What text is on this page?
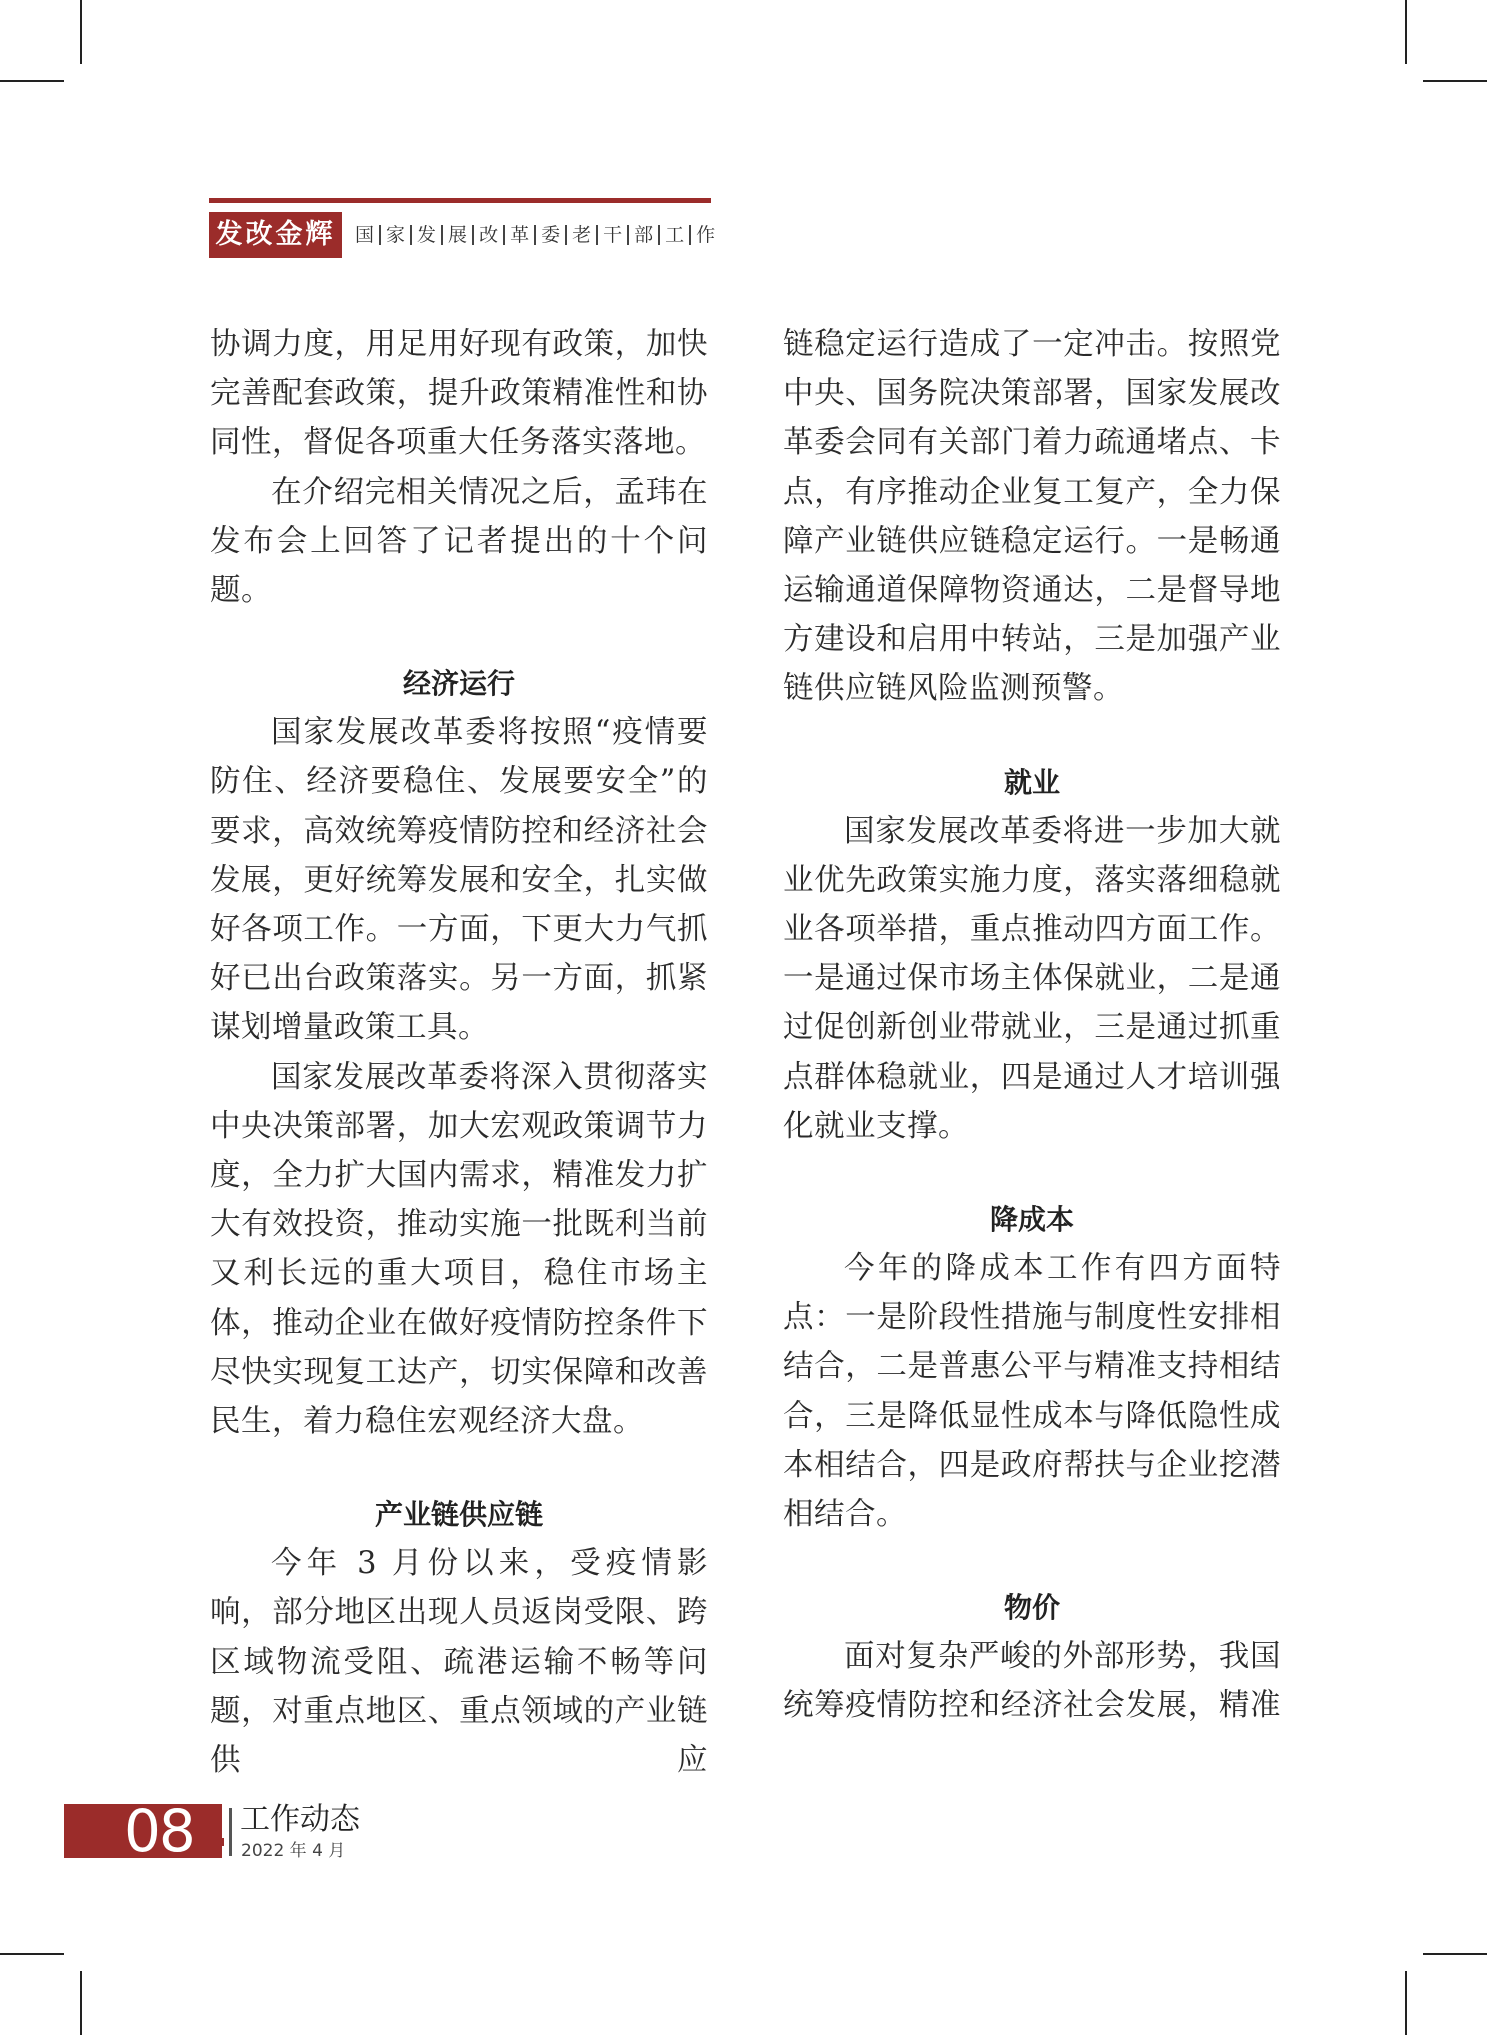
发改金辉	国 家 发 展 改 革 委 老 干 部 工 作

协调力度，用足用好现有政策，加快完善配套政策，提升政策精准性和协同性，督促各项重大任务落实落地。

在介绍完相关情况之后，孟玮在发布会上回答了记者提出的十个问题。

经济运行

国家发展改革委将按照“疫情要防住、经济要稳住、发展要安全”的要求，高效统筹疫情防控和经济社会发展，更好统筹发展和安全，扎实做好各项工作。一方面，下更大力气抓好已出台政策落实。另一方面，抓紧谋划增量政策工具。

国家发展改革委将深入贯彻落实中央决策部署，加大宏观政策调节力度，全力扩大国内需求，精准发力扩大有效投资，推动实施一批既利当前又利长远的重大项目，稳住市场主体，推动企业在做好疫情防控条件下尽快实现复工达产，切实保障和改善民生，着力稳住宏观经济大盘。

产业链供应链

今年 3 月份以来，受疫情影响，部分地区出现人员返岗受限、跨区域物流受阻、疏港运输不畅等问题，对重点地区、重点领域的产业链供应

链稳定运行造成了一定冲击。按照党中央、国务院决策部署，国家发展改革委会同有关部门着力疏通堵点、卡点，有序推动企业复工复产，全力保障产业链供应链稳定运行。一是畅通运输通道保障物资通达，二是督导地方建设和启用中转站，三是加强产业链供应链风险监测预警。

就业

国家发展改革委将进一步加大就业优先政策实施力度，落实落细稳就业各项举措，重点推动四方面工作。一是通过保市场主体保就业，二是通过促创新创业带就业，三是通过抓重点群体稳就业，四是通过人才培训强化就业支撑。

降成本

今年的降成本工作有四方面特点：一是阶段性措施与制度性安排相结合，二是普惠公平与精准支持相结合，三是降低显性成本与降低隐性成本相结合，四是政府帮扶与企业挖潜相结合。

物价

面对复杂严峻的外部形势，我国统筹疫情防控和经济社会发展，精准

08 工作动态
2022 年 4 月
